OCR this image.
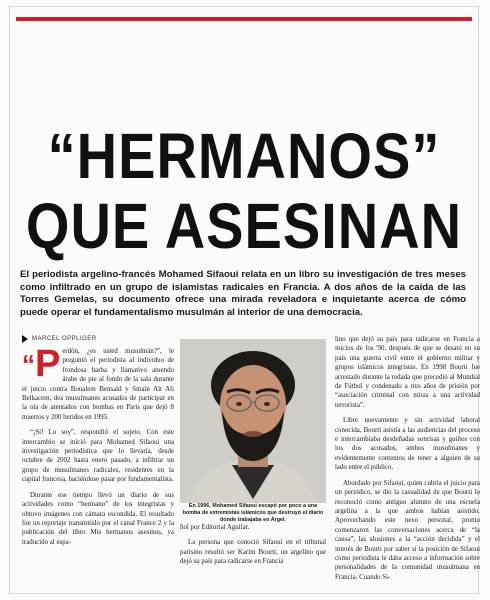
“HERMANOS”
QUE ASESINAN
El periodista argelino-francés Mohamed Sifaoui relata en un libro su investigación de tres meses como infiltrado en un grupo de islamistas radicales en Francia. A dos años de la caída de las Torres Gemelas, su documento ofrece una mirada reveladora e inquietante acerca de cómo puede operar el fundamentalismo musulmán al interior de una democracia.
MARCEL OPPLIGER

“P erdón, ¿es usted musulmán?”, le preguntó el periodista al individuo de frondosa barba y llamativo atuendo árabe de pie al fondo de la sala durante el juicio contra Boualem Bensaïd y Smaïn Aït Ali Belkacem, dos musulmanes acusados de participar en la ola de atentados con bombas en París que dejó 8 muertos y 200 heridos en 1995.

“¡Sí! Lo soy”, respondió el sujeto. Con este intercambio se inició para Mohamed Sifaoui una investigación periodística que lo llevaría, desde octubre de 2002 hasta enero pasado, a infiltrar un grupo de musulmanes radicales, residentes en la capital francesa, haciéndose pasar por fundamentalista.

Durante ese tiempo llevó un diario de sus actividades como “hermano” de los integristas y obtuvo imágenes con cámara escondida. El resultado fue un reportaje transmitido por el canal France 2 y la publicación del libro Mis hermanos asesinos, ya traducido al espa-

En 1996, Mohamed Sifaoui escapó por poco a una bomba de extremistas islámicos que destruyó el diario donde trabajaba en Argel.

ñol por Editorial Aguilar.

La persona que conoció Sifaoui en el tribunal parisino resultó ser Karim Bourti, un argelino que dejó su país para radicarse en Francia

lino que dejó su país para radicarse en Francia a inicios de los '90, después de que se desató en su país una guerra civil entre el gobierno militar y grupos islámicos integristas. En 1998 Bourti fue arrestado durante la redada que precedió al Mundial de Fútbol y condenado a tres años de prisión por “asociación criminal con miras a una actividad terrorista”.

Libre nuevamente y sin actividad laboral conocida, Bourti asistía a las audiencias del proceso e intercambiaba desdeñadas sonrisas y guiños con los dos acusados, ambos musulmanes y evidentemente contentos de tener a alguien de su lado entre el público.

Abordado por Sifaoui, quien cubría el juicio para un periódico, se dio la casualidad de que Bourti lo reconoció como antiguo alumno de una escuela argelina a la que ambos habían asistido. Aprovechando este nexo personal, pronto comenzaron las conversaciones acerca de “la causa”, las alusiones a la “acción decidida” y el interés de Bourti por saber si la posición de Sifaoui como periodista le daba acceso a información sobre personalidades de la comunidad musulmana en Francia. Cuando Si-
